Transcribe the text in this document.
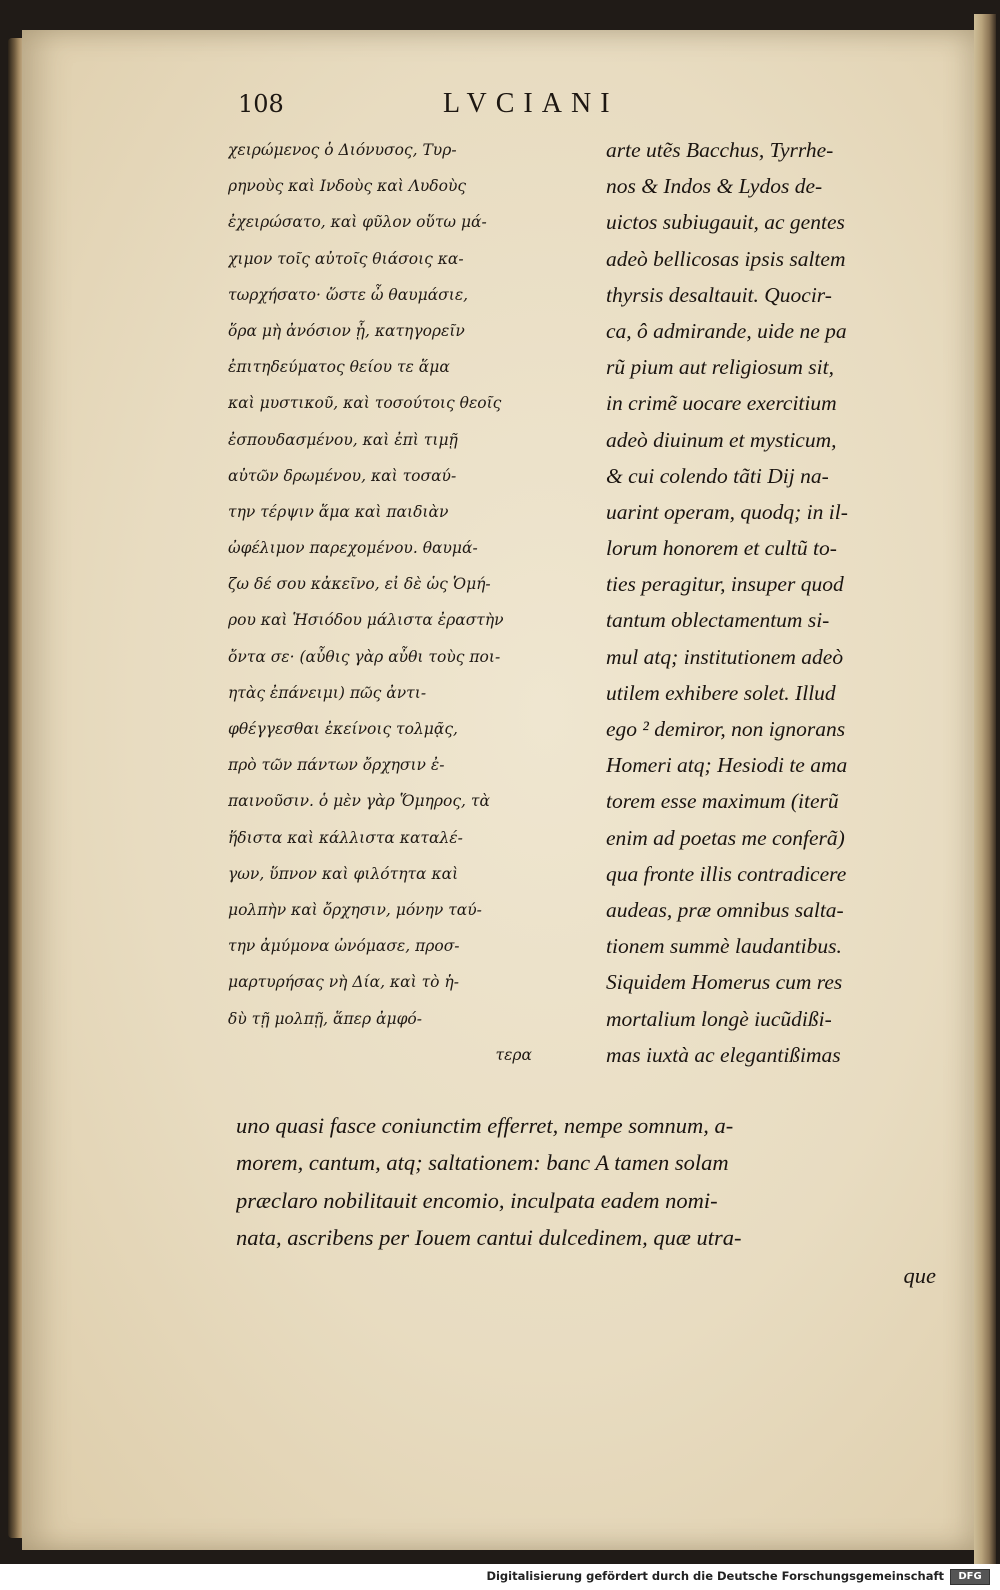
108	LVCIANI
χειρώμενος ὁ Διόνυσος, Τυρ-
ρηνοὺς καὶ Ινδοὺς καὶ Λυδοὺς
ἐχειρώσατο, καὶ φῦλον οὕτω μά-
χιμον τοῖς αὐτοῖς θιάσοις κα-
τωρχήσατο· ὥστε ὦ θαυμάσιε,
ὅρα μὴ ἀνόσιον ᾖ, κατηγορεῖν
ἐπιτηδεύματος θείου τε ἅμα
καὶ μυστικοῦ, καὶ τοσούτοις θεοῖς
ἐσπουδασμένου, καὶ ἐπὶ τιμῇ
αὐτῶν δρωμένου, καὶ τοσαύ-
την τέρψιν ἅμα καὶ παιδιὰν
ὠφέλιμον παρεχομένου. θαυμά-
ζω δέ σου κἀκεῖνο, εἰ δὲ ὡς Ὁμή-
ρου καὶ Ἡσιόδου μάλιστα ἐραστὴν
ὄντα σε· (αὖθις γὰρ αὖθι τοὺς ποι-
ητὰς ἐπάνειμι) πῶς ἀντι-
φθέγγεσθαι ἐκείνοις τολμᾷς,
πρὸ τῶν πάντων ὄρχησιν ἐ-
παινοῦσιν. ὁ μὲν γὰρ Ὅμηρος, τὰ
ἥδιστα καὶ κάλλιστα καταλέ-
γων, ὕπνον καὶ φιλότητα καὶ
μολπὴν καὶ ὄρχησιν, μόνην ταύ-
την ἀμύμονα ὠνόμασε, προσ-
μαρτυρήσας νὴ Δία, καὶ τὸ ἡ-
δὺ τῇ μολπῇ, ἅπερ ἀμφό-
τερα
arte utẽs Bacchus, Tyrrhe-
nos & Indos & Lydos de-
uictos subiugauit, ac gentes
adeò bellicosas ipsis saltem
thyrsis desaltauit. Quocir-
ca, ô admirande, uide ne pa
rũ pium aut religiosum sit,
in crimẽ uocare exercitium
adeò diuinum et mysticum,
& cui colendo tãti Dij na-
uarint operam, quodq; in il-
lorum honorem et cultũ to-
ties peragitur, insuper quod
tantum oblectamentum si-
mul atq; institutionem adeò
utilem exhibere solet. Illud
ego ² demiror, non ignorans
Homeri atq; Hesiodi te ama
torem esse maximum (iterũ
enim ad poetas me conferã)
qua fronte illis contradicere
audeas, præ omnibus salta-
tionem summè laudantibus.
Siquidem Homerus cum res
mortalium longè iucũdißi-
mas iuxtà ac elegantißimas
uno quasi fasce coniunctim efferret, nempe somnum, a-
morem, cantum, atq; saltationem: banc A tamen solam
præclaro nobilitauit encomio, inculpata eadem nomi-
nata, ascribens per Iouem cantui dulcedinem, quæ utra-
que
Digitalisierung gefördert durch die Deutsche Forschungsgemeinschaft	DFG
